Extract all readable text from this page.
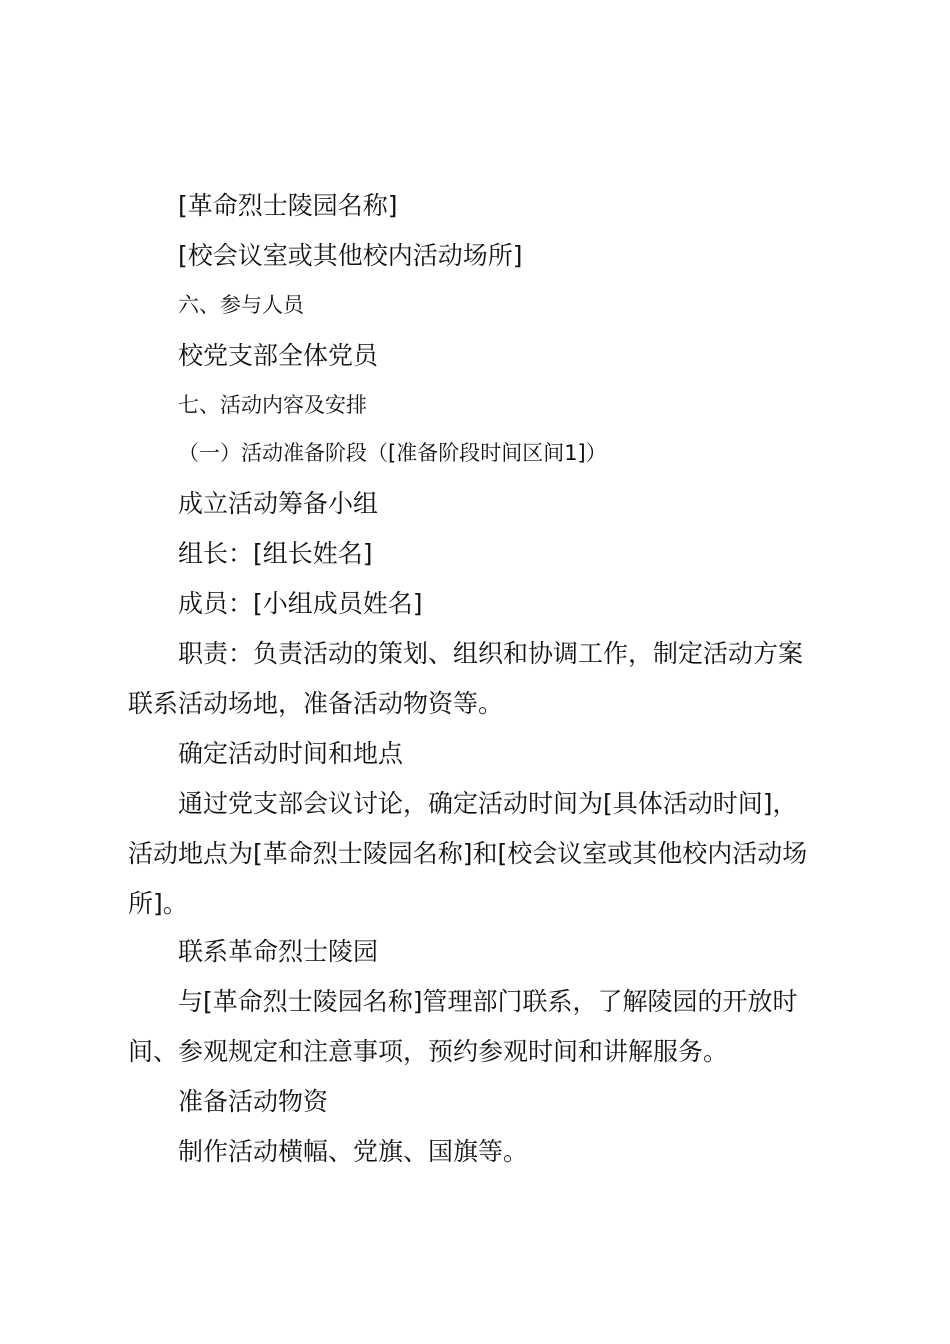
[革命烈士陵园名称]
[校会议室或其他校内活动场所]
六、参与人员
校党支部全体党员
七、活动内容及安排
（一）活动准备阶段（[准备阶段时间区间1]）
成立活动筹备小组
组长：[组长姓名]
成员：[小组成员姓名]
职责：负责活动的策划、组织和协调工作，制定活动方案
联系活动场地，准备活动物资等。
确定活动时间和地点
通过党支部会议讨论，确定活动时间为[具体活动时间]，
活动地点为[革命烈士陵园名称]和[校会议室或其他校内活动场
所]。
联系革命烈士陵园
与[革命烈士陵园名称]管理部门联系，了解陵园的开放时
间、参观规定和注意事项，预约参观时间和讲解服务。
准备活动物资
制作活动横幅、党旗、国旗等。
